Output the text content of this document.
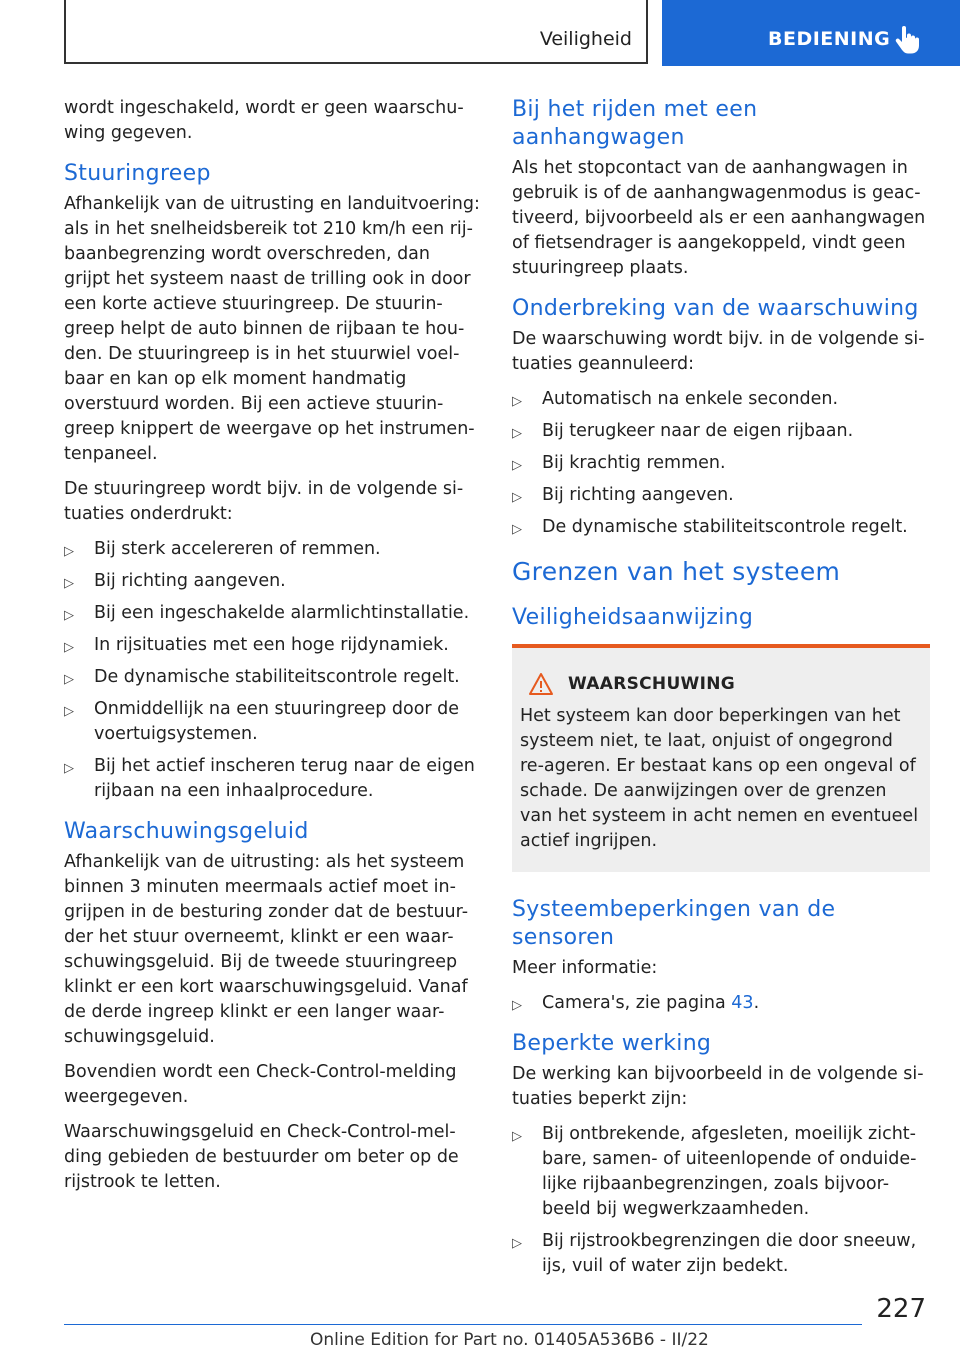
Veiligheid	BEDIENING

wordt ingeschakeld, wordt er geen waarschu-wing gegeven.

Stuuringreep

Afhankelijk van de uitrusting en landuitvoering: als in het snelheidsbereik tot 210 km/h een rij-baanbegrenzing wordt overschreden, dan grijpt het systeem naast de trilling ook in door een korte actieve stuuringreep. De stuurin-greep helpt de auto binnen de rijbaan te hou-den. De stuuringreep is in het stuurwiel voel-baar en kan op elk moment handmatig overstuurd worden. Bij een actieve stuurin-greep knippert de weergave op het instrumen-tenpaneel.

De stuuringreep wordt bijv. in de volgende si-tuaties onderdrukt:

▷	Bij sterk accelereren of remmen.
▷	Bij richting aangeven.
▷	Bij een ingeschakelde alarmlichtinstallatie.
▷	In rijsituaties met een hoge rijdynamiek.
▷	De dynamische stabiliteitscontrole regelt.
▷	Onmiddellijk na een stuuringreep door de voertuigsystemen.
▷	Bij het actief inscheren terug naar de eigen rijbaan na een inhaalprocedure.
Waarschuwingsgeluid

Afhankelijk van de uitrusting: als het systeem binnen 3 minuten meermaals actief moet in-grijpen in de besturing zonder dat de bestuur-der het stuur overneemt, klinkt er een waar-schuwingsgeluid. Bij de tweede stuuringreep klinkt er een kort waarschuwingsgeluid. Vanaf de derde ingreep klinkt er een langer waar-schuwingsgeluid.

Bovendien wordt een Check-Control-melding weergegeven.

Waarschuwingsgeluid en Check-Control-mel-ding gebieden de bestuurder om beter op de rijstrook te letten.

Bij het rijden met een aanhangwagen

Als het stopcontact van de aanhangwagen in gebruik is of de aanhangwagenmodus is geac-tiveerd, bijvoorbeeld als er een aanhangwagen of fietsendrager is aangekoppeld, vindt geen stuuringreep plaats.

Onderbreking van de waarschuwing

De waarschuwing wordt bijv. in de volgende si-tuaties geannuleerd:

▷	Automatisch na enkele seconden.
▷	Bij terugkeer naar de eigen rijbaan.
▷	Bij krachtig remmen.
▷	Bij richting aangeven.
▷	De dynamische stabiliteitscontrole regelt.
Grenzen van het systeem
Veiligheidsaanwijzing
WAARSCHUWING

Het systeem kan door beperkingen van het systeem niet, te laat, onjuist of ongegrond re-ageren. Er bestaat kans op een ongeval of schade. De aanwijzingen over de grenzen van het systeem in acht nemen en eventueel actief ingrijpen.

Systeembeperkingen van de sensoren

Meer informatie:

▷	Camera's, zie pagina 43.
Beperkte werking

De werking kan bijvoorbeeld in de volgende si-tuaties beperkt zijn:

▷	Bij ontbrekende, afgesleten, moeilijk zicht-bare, samen- of uiteenlopende of onduide-lijke rijbaanbegrenzingen, zoals bijvoor-beeld bij wegwerkzaamheden.
▷	Bij rijstrookbegrenzingen die door sneeuw, ijs, vuil of water zijn bedekt.
227
Online Edition for Part no. 01405A536B6 - II/22
